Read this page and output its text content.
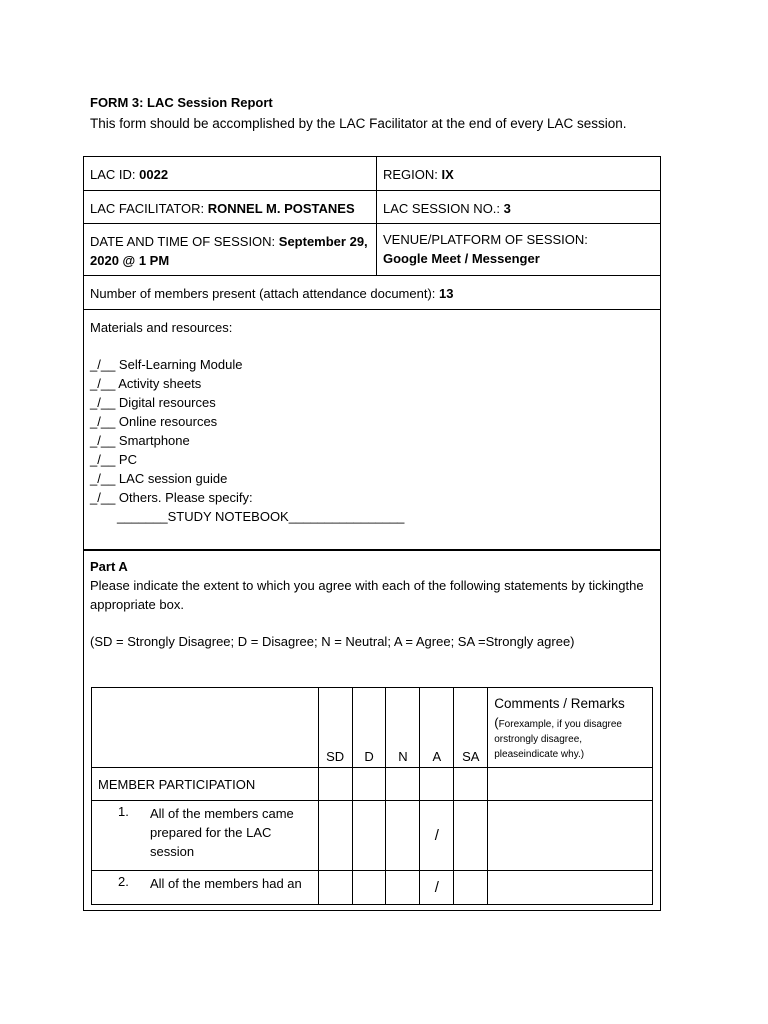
FORM 3: LAC Session Report
This form should be accomplished by the LAC Facilitator at the end of every LAC session.
LAC ID: 0022	REGION: IX
LAC FACILITATOR: RONNEL M. POSTANES	LAC SESSION NO.: 3
DATE AND TIME OF SESSION: September 29, 2020 @ 1 PM
VENUE/PLATFORM OF SESSION:
Google Meet / Messenger
Number of members present (attach attendance document): 13
Materials and resources:
_/__ Self-Learning Module
_/__ Activity sheets
_/__ Digital resources
_/__ Online resources
_/__ Smartphone
_/__ PC
_/__ LAC session guide
_/__ Others. Please specify:
_______STUDY NOTEBOOK________________
Part A
Please indicate the extent to which you agree with each of the following statements by tickingthe appropriate box.
(SD = Strongly Disagree; D = Disagree; N = Neutral; A = Agree; SA =Strongly agree)
	SD	D	N	A	SA	Comments / Remarks
(Forexample, if you disagree orstrongly disagree, pleaseindicate why.)

MEMBER PARTICIPATION						

1. All of the members came prepared for the LAC session				/		

2. All of the members had an				/		
